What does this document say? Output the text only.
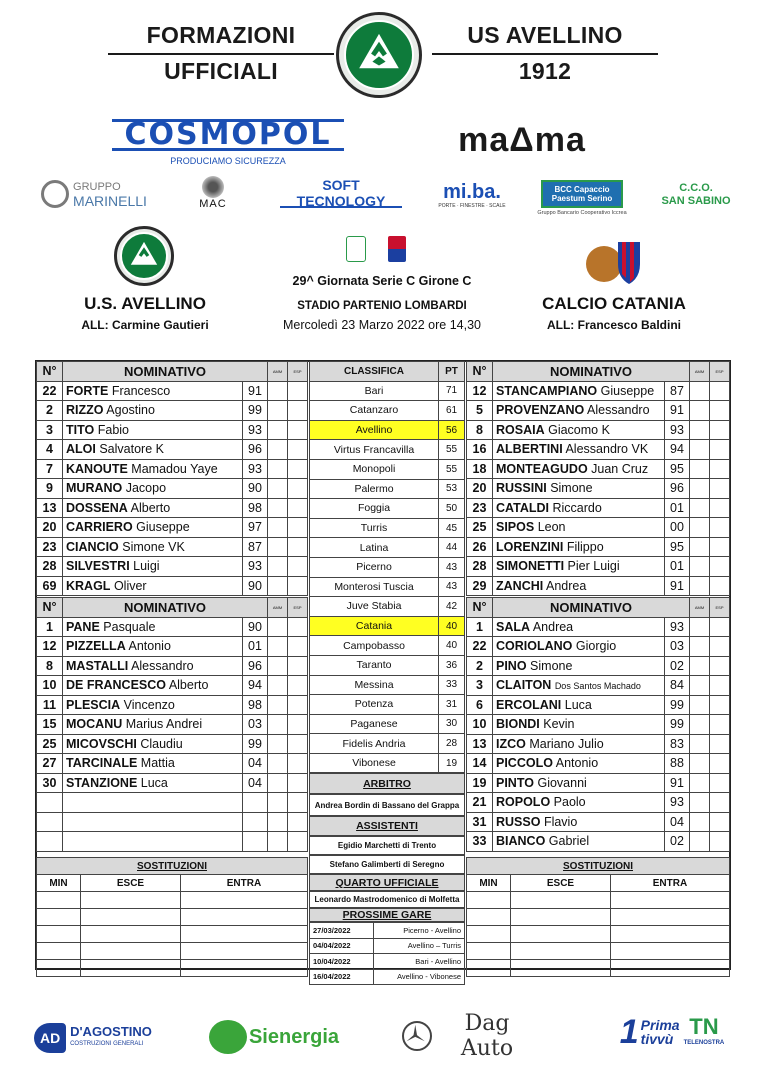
FORMAZIONI
UFFICIALI
US AVELLINO
1912
COSMOPOL
PRODUCIAMO SICUREZZA
maΔma
GRUPPO
MARINELLI	MAC
SOFT TECNOLOGY	mi.ba.
PORTE · FINESTRE · SCALE
BCC Capaccio Paestum Serino
Gruppo Bancario Cooperativo Iccrea
C.C.O.
SAN SABINO
U.S. AVELLINO
ALL: Carmine Gautieri
29^ Giornata Serie C Girone C
STADIO PARTENIO LOMBARDI
Mercoledì 23 Marzo 2022 ore 14,30
CALCIO CATANIA
ALL: Francesco Baldini
N°	NOMINATIVO		AMM	ESP
22	FORTE Francesco	91		
2	RIZZO Agostino	99		
3	TITO Fabio	93		
4	ALOI Salvatore K	96		
7	KANOUTE Mamadou Yaye	93		
9	MURANO Jacopo	90		
13	DOSSENA Alberto	98		
20	CARRIERO Giuseppe	97		
23	CIANCIO Simone VK	87		
28	SILVESTRI Luigi	93		
69	KRAGL Oliver	90		
N°	NOMINATIVO		AMM	ESP
1	PANE Pasquale	90		
12	PIZZELLA Antonio	01		
8	MASTALLI Alessandro	96		
10	DE FRANCESCO Alberto	94		
11	PLESCIA Vincenzo	98		
15	MOCANU Marius Andrei	03		
25	MICOVSCHI Claudiu	99		
27	TARCINALE Mattia	04		
30	STANZIONE Luca	04		

N°	NOMINATIVO		AMM	ESP
12	STANCAMPIANO Giuseppe	87		
5	PROVENZANO Alessandro	91		
8	ROSAIA Giacomo K	93		
16	ALBERTINI Alessandro VK	94		
18	MONTEAGUDO Juan Cruz	95		
20	RUSSINI Simone	96		
23	CATALDI Riccardo	01		
25	SIPOS Leon	00		
26	LORENZINI Filippo	95		
28	SIMONETTI Pier Luigi	01		
29	ZANCHI Andrea	91		
N°	NOMINATIVO		AMM	ESP
1	SALA Andrea	93		
22	CORIOLANO Giorgio	03		
2	PINO Simone	02		
3	CLAITON Dos Santos Machado	84		
6	ERCOLANI Luca	99		
10	BIONDI Kevin	99		
13	IZCO Mariano Julio	83		
14	PICCOLO Antonio	88		
19	PINTO Giovanni	91		
21	ROPOLO Paolo	93		
31	RUSSO Flavio	04		
33	BIANCO Gabriel	02		
CLASSIFICA	PT
Bari	71
Catanzaro	61
Avellino	56
Virtus Francavilla	55
Monopoli	55
Palermo	53
Foggia	50
Turris	45
Latina	44
Picerno	43
Monterosi Tuscia	43
Juve Stabia	42
Catania	40
Campobasso	40
Taranto	36
Messina	33
Potenza	31
Paganese	30
Fidelis Andria	28
Vibonese	19
ARBITRO
Andrea Bordin di Bassano del Grappa
ASSISTENTI
Egidio Marchetti di Trento
Stefano Galimberti di Seregno
QUARTO UFFICIALE
Leonardo Mastrodomenico di Molfetta
PROSSIME GARE
27/03/2022	Picerno - Avellino
04/04/2022	Avellino – Turris
10/04/2022	Bari - Avellino
16/04/2022	Avellino - Vibonese
SOSTITUZIONI		
MIN	ESCE	ENTRA

SOSTITUZIONI		
MIN	ESCE	ENTRA

AD D'AGOSTINO
COSTRUZIONI GENERALI	Sienergia
Dag Auto	1 Prima
tivvù TN
TELENOSTRA
